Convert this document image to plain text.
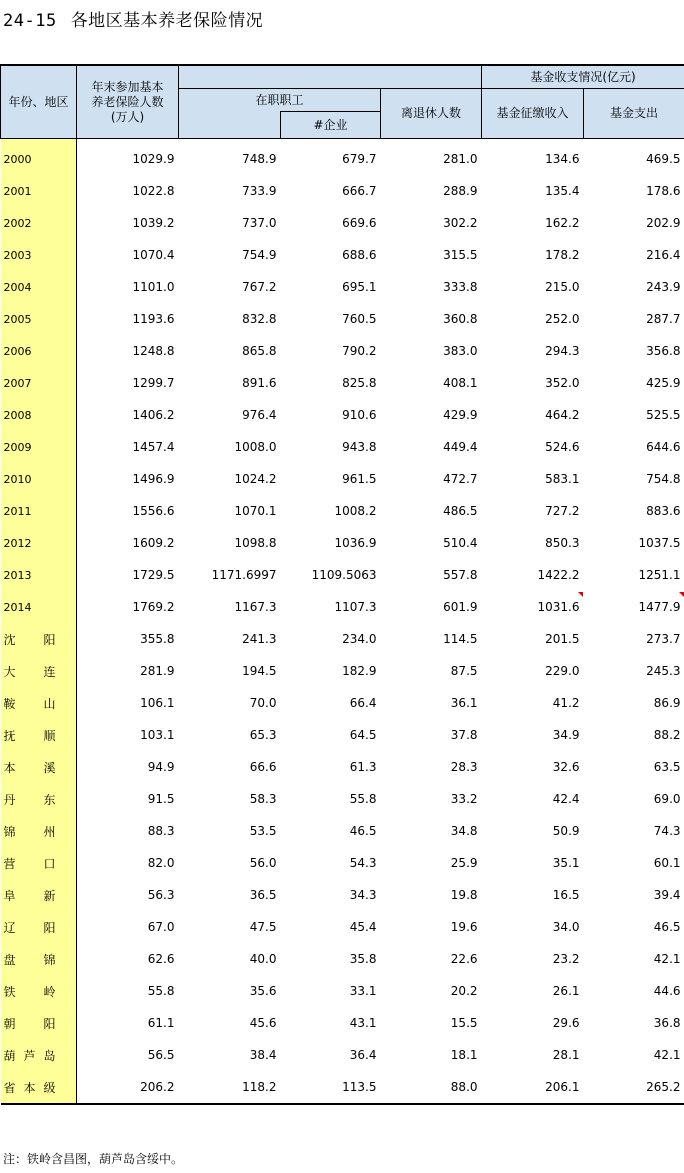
24-15 各地区基本养老保险情况
年份、地区	年末参加基本
养老保险人数
(万人)				基金收支情况(亿元)	
		在职职工		离退休人数	基金征缴收入	基金支出
			#企业			
2000	1029.9	748.9	679.7	281.0	134.6	469.5
2001	1022.8	733.9	666.7	288.9	135.4	178.6
2002	1039.2	737.0	669.6	302.2	162.2	202.9
2003	1070.4	754.9	688.6	315.5	178.2	216.4
2004	1101.0	767.2	695.1	333.8	215.0	243.9
2005	1193.6	832.8	760.5	360.8	252.0	287.7
2006	1248.8	865.8	790.2	383.0	294.3	356.8
2007	1299.7	891.6	825.8	408.1	352.0	425.9
2008	1406.2	976.4	910.6	429.9	464.2	525.5
2009	1457.4	1008.0	943.8	449.4	524.6	644.6
2010	1496.9	1024.2	961.5	472.7	583.1	754.8
2011	1556.6	1070.1	1008.2	486.5	727.2	883.6
2012	1609.2	1098.8	1036.9	510.4	850.3	1037.5
2013	1729.5	1171.6997	1109.5063	557.8	1422.2	1251.1
2014	1769.2	1167.3	1107.3	601.9	1031.6	1477.9

沈 阳	355.8	241.3	234.0	114.5	201.5	273.7

大 连	281.9	194.5	182.9	87.5	229.0	245.3

鞍 山	106.1	70.0	66.4	36.1	41.2	86.9

抚 顺	103.1	65.3	64.5	37.8	34.9	88.2

本 溪	94.9	66.6	61.3	28.3	32.6	63.5

丹 东	91.5	58.3	55.8	33.2	42.4	69.0

锦 州	88.3	53.5	46.5	34.8	50.9	74.3

营 口	82.0	56.0	54.3	25.9	35.1	60.1

阜 新	56.3	36.5	34.3	19.8	16.5	39.4

辽 阳	67.0	47.5	45.4	19.6	34.0	46.5

盘 锦	62.6	40.0	35.8	22.6	23.2	42.1

铁 岭	55.8	35.6	33.1	20.2	26.1	44.6

朝 阳	61.1	45.6	43.1	15.5	29.6	36.8

葫 芦 岛	56.5	38.4	36.4	18.1	28.1	42.1

省 本 级	206.2	118.2	113.5	88.0	206.1	265.2
注：铁岭含昌图，葫芦岛含绥中。
